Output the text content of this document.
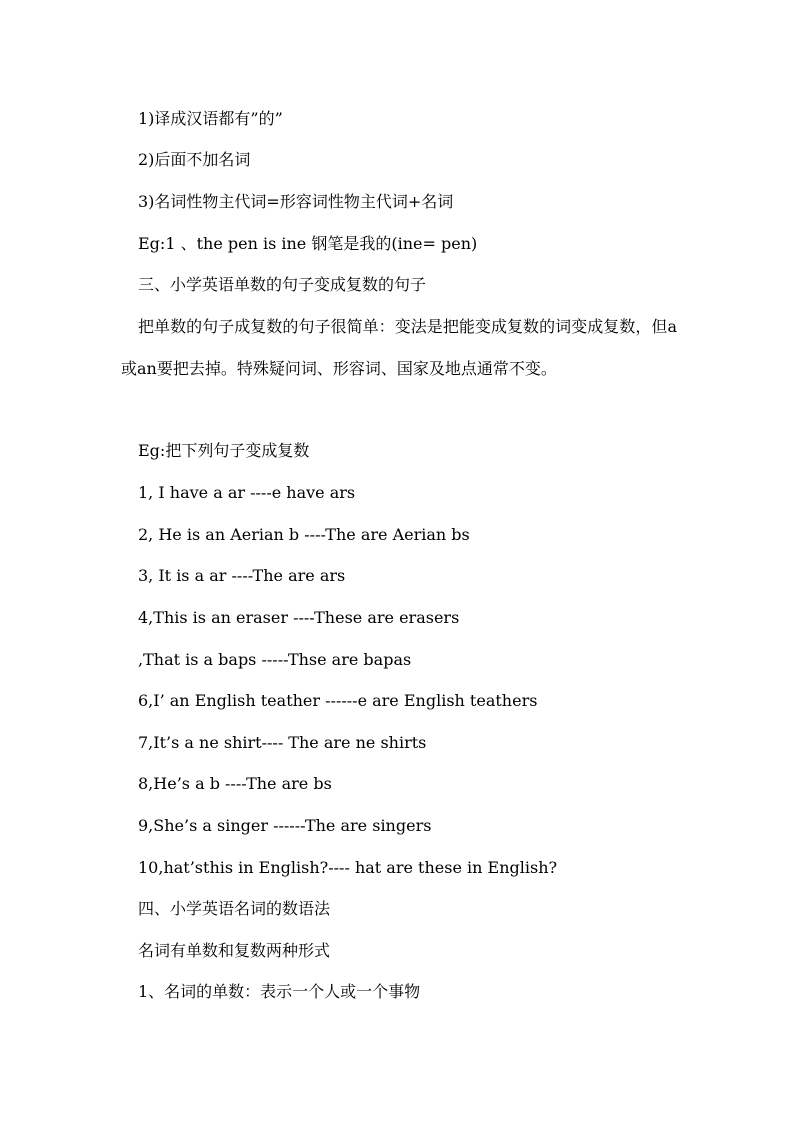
1)译成汉语都有”的”
2)后面不加名词
3)名词性物主代词=形容词性物主代词+名词
Eg:1 、the pen is ine 钢笔是我的(ine= pen)
三、小学英语单数的句子变成复数的句子
把单数的句子成复数的句子很简单：变法是把能变成复数的词变成复数，但a或an要把去掉。特殊疑问词、形容词、国家及地点通常不变。
Eg:把下列句子变成复数
1, I have a ar ----e have ars
2, He is an Aerian b ----The are Aerian bs
3, It is a ar ----The are ars
4,This is an eraser ----These are erasers
,That is a baps -----Thse are bapas
6,I’ an English teather ------e are English teathers
7,It’s a ne shirt---- The are ne shirts
8,He’s a b ----The are bs
9,She’s a singer ------The are singers
10,hat’sthis in English?---- hat are these in English?
四、小学英语名词的数语法
名词有单数和复数两种形式
1、名词的单数：表示一个人或一个事物
